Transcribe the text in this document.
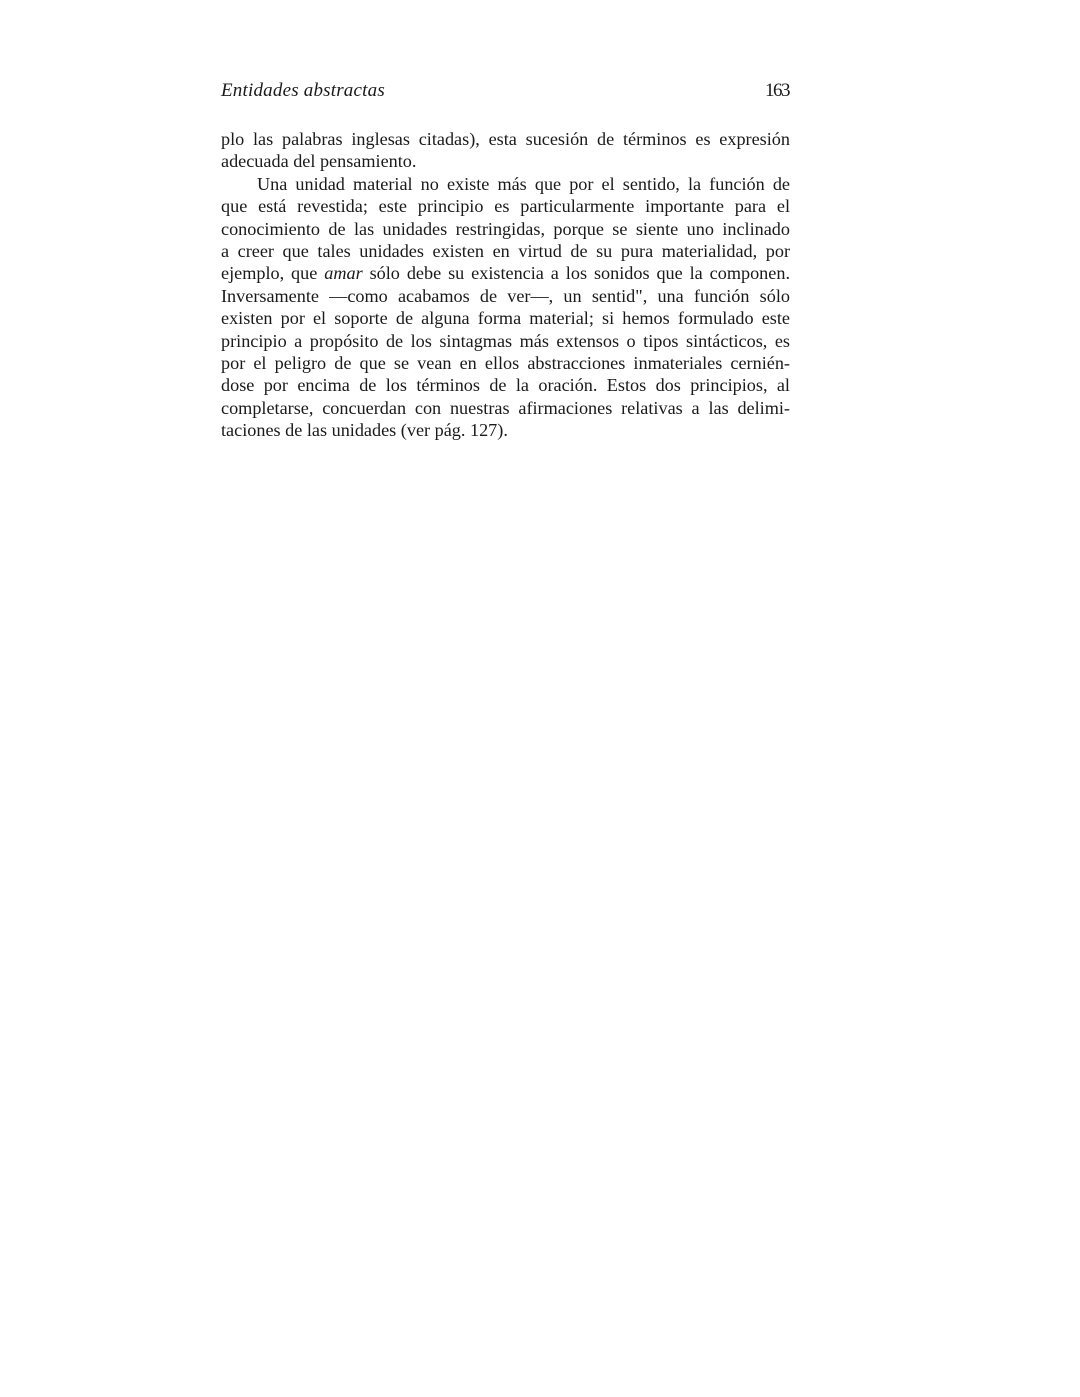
Entidades abstractas	163
plo las palabras inglesas citadas), esta sucesión de términos es expresión
adecuada del pensamiento.
Una unidad material no existe más que por el sentido, la función de
que está revestida; este principio es particularmente importante para el
conocimiento de las unidades restringidas, porque se siente uno inclinado
a creer que tales unidades existen en virtud de su pura materialidad, por
ejemplo, que amar sólo debe su existencia a los sonidos que la componen.
Inversamente —como acabamos de ver—, un sentid", una función sólo
existen por el soporte de alguna forma material; si hemos formulado este
principio a propósito de los sintagmas más extensos o tipos sintácticos, es
por el peligro de que se vean en ellos abstracciones inmateriales cernién-
dose por encima de los términos de la oración. Estos dos principios, al
completarse, concuerdan con nuestras afirmaciones relativas a las delimi-
taciones de las unidades (ver pág. 127).
